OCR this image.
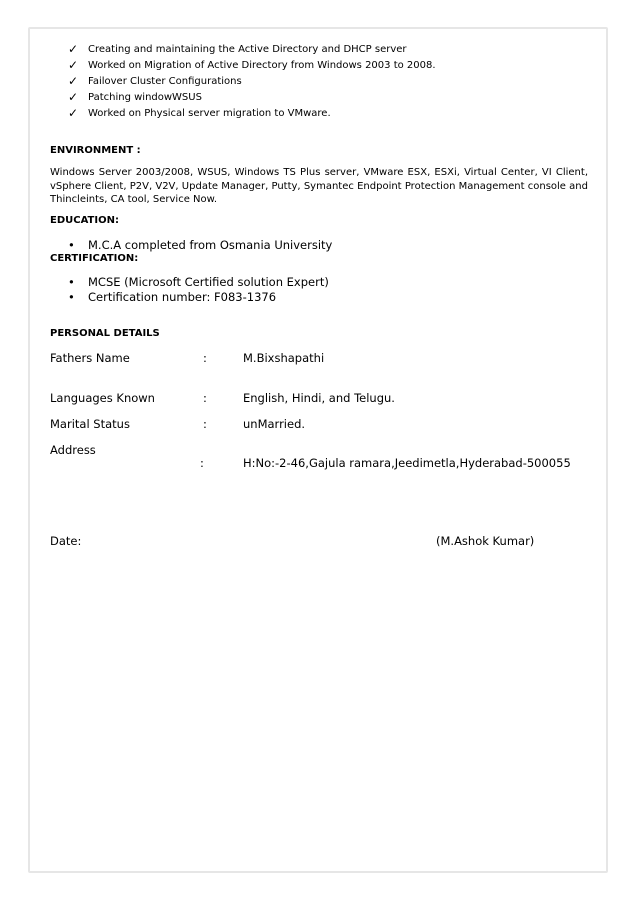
✓ Creating and maintaining the Active Directory and DHCP server
✓ Worked on Migration of Active Directory from Windows 2003 to 2008.
✓ Failover Cluster Configurations
✓ Patching windowWSUS
✓ Worked on Physical server migration to VMware.
ENVIRONMENT :
Windows Server 2003/2008, WSUS, Windows TS Plus server, VMware ESX, ESXi, Virtual Center, VI Client, vSphere Client, P2V, V2V, Update Manager, Putty, Symantec Endpoint Protection Management console and Thincleints, CA tool, Service Now.
EDUCATION:
• M.C.A completed from Osmania University
CERTIFICATION:
• MCSE (Microsoft Certified solution Expert)
• Certification number: F083-1376
PERSONAL DETAILS
Fathers Name	:	M.Bixshapathi
Languages Known	:	English, Hindi, and Telugu.
Marital Status	:	unMarried.
Address
:	H:No:-2-46,Gajula ramara,Jeedimetla,Hyderabad-500055
Date:	(M.Ashok Kumar)
